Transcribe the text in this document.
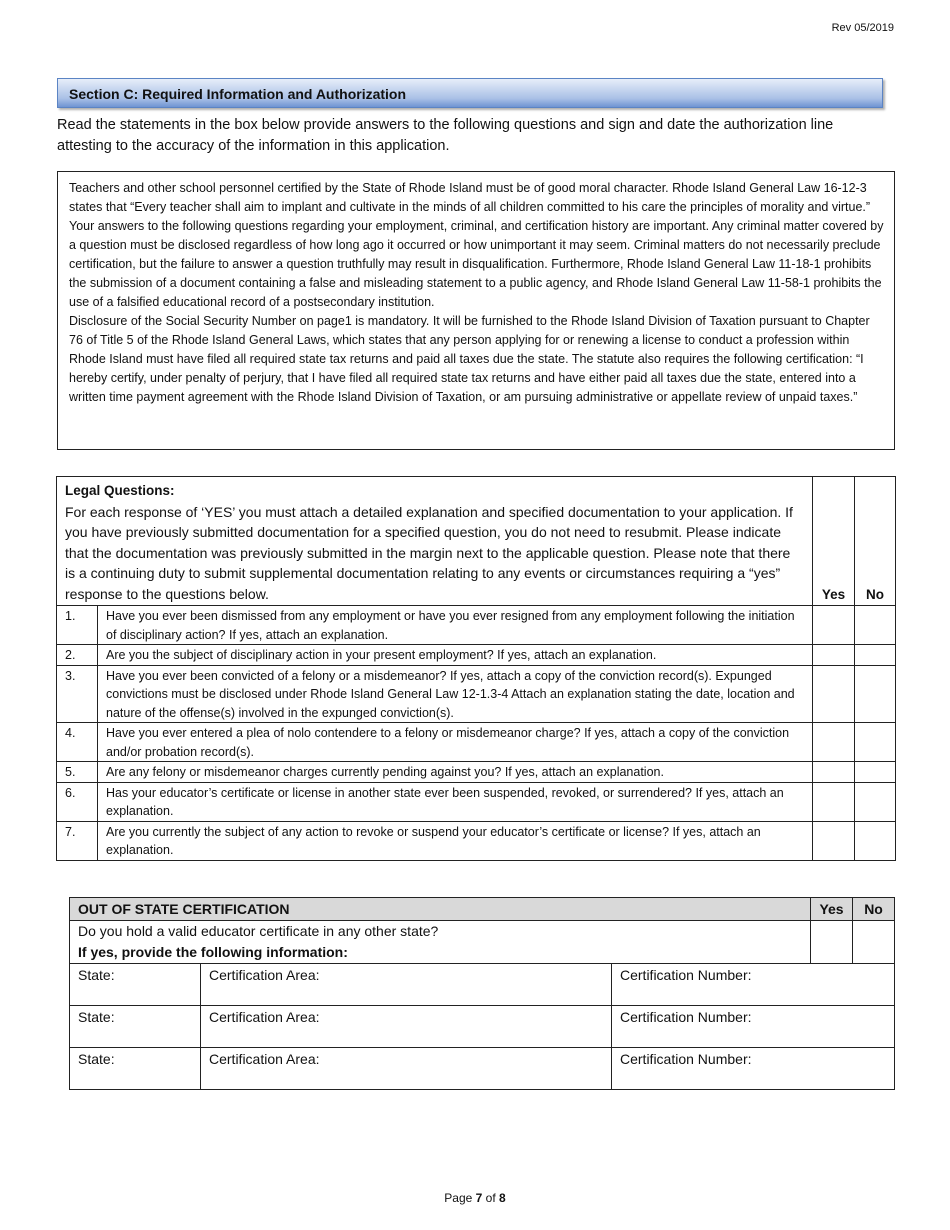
Rev 05/2019
Section C: Required Information and Authorization
Read the statements in the box below provide answers to the following questions and sign and date the authorization line attesting to the accuracy of the information in this application.

Teachers and other school personnel certified by the State of Rhode Island must be of good moral character. Rhode Island General Law 16-12-3 states that “Every teacher shall aim to implant and cultivate in the minds of all children committed to his care the principles of morality and virtue.” Your answers to the following questions regarding your employment, criminal, and certification history are important. Any criminal matter covered by a question must be disclosed regardless of how long ago it occurred or how unimportant it may seem. Criminal matters do not necessarily preclude certification, but the failure to answer a question truthfully may result in disqualification. Furthermore, Rhode Island General Law 11-18-1 prohibits the submission of a document containing a false and misleading statement to a public agency, and Rhode Island General Law 11-58-1 prohibits the use of a falsified educational record of a postsecondary institution.

Disclosure of the Social Security Number on page1 is mandatory. It will be furnished to the Rhode Island Division of Taxation pursuant to Chapter 76 of Title 5 of the Rhode Island General Laws, which states that any person applying for or renewing a license to conduct a profession within Rhode Island must have filed all required state tax returns and paid all taxes due the state. The statute also requires the following certification: “I hereby certify, under penalty of perjury, that I have filed all required state tax returns and have either paid all taxes due the state, entered into a written time payment agreement with the Rhode Island Division of Taxation, or am pursuing administrative or appellate review of unpaid taxes.”

Legal Questions:
For each response of ‘YES’ you must attach a detailed explanation and specified documentation to your application. If you have previously submitted documentation for a specified question, you do not need to resubmit. Please indicate that the documentation was previously submitted in the margin next to the applicable question. Please note that there is a continuing duty to submit supplemental documentation relating to any events or circumstances requiring a “yes” response to the questions below.		Yes	No
1.	Have you ever been dismissed from any employment or have you ever resigned from any employment following the initiation of disciplinary action? If yes, attach an explanation.		
2.	Are you the subject of disciplinary action in your present employment? If yes, attach an explanation.		
3.	Have you ever been convicted of a felony or a misdemeanor? If yes, attach a copy of the conviction record(s). Expunged convictions must be disclosed under Rhode Island General Law 12-1.3-4 Attach an explanation stating the date, location and nature of the offense(s) involved in the expunged conviction(s).		
4.	Have you ever entered a plea of nolo contendere to a felony or misdemeanor charge? If yes, attach a copy of the conviction and/or probation record(s).		
5.	Are any felony or misdemeanor charges currently pending against you? If yes, attach an explanation.		
6.	Has your educator’s certificate or license in another state ever been suspended, revoked, or surrendered? If yes, attach an explanation.		
7.	Are you currently the subject of any action to revoke or suspend your educator’s certificate or license? If yes, attach an explanation.		
OUT OF STATE CERTIFICATION			Yes	No
Do you hold a valid educator certificate in any other state?
If yes, provide the following information:				
State:	Certification Area:	Certification Number:		
State:	Certification Area:	Certification Number:		
State:	Certification Area:	Certification Number:		
Page 7 of 8
